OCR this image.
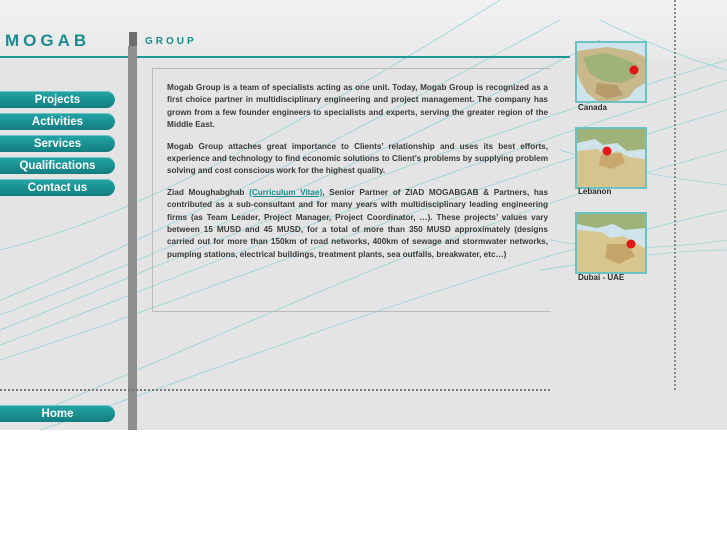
MOGAB	GROUP
Projects
Activities
Services
Qualifications
Contact us
Home

Mogab Group is a team of specialists acting as one unit. Today, Mogab Group is recognized as a first choice partner in multidisciplinary engineering and project management. The company has grown from a few founder engineers to specialists and experts, serving the greater region of the Middle East.

Mogab Group attaches great importance to Clients’ relationship and uses its best efforts, experience and technology to find economic solutions to Client’s problems by supplying problem solving and cost conscious work for the highest quality.

Ziad Moughabghab (Curriculum Vitae), Senior Partner of ZIAD MOGABGAB & Partners, has contributed as a sub-consultant and for many years with multidisciplinary leading engineering firms (as Team Leader, Project Manager, Project Coordinator, …). These projects’ values vary between 15 MUSD and 45 MUSD, for a total of more than 350 MUSD approximately (designs carried out for more than 150km of road networks, 400km of sewage and stormwater networks, pumping stations, electrical buildings, treatment plants, sea outfalls, breakwater, etc…)

Canada
Lebanon
Dubai - UAE
